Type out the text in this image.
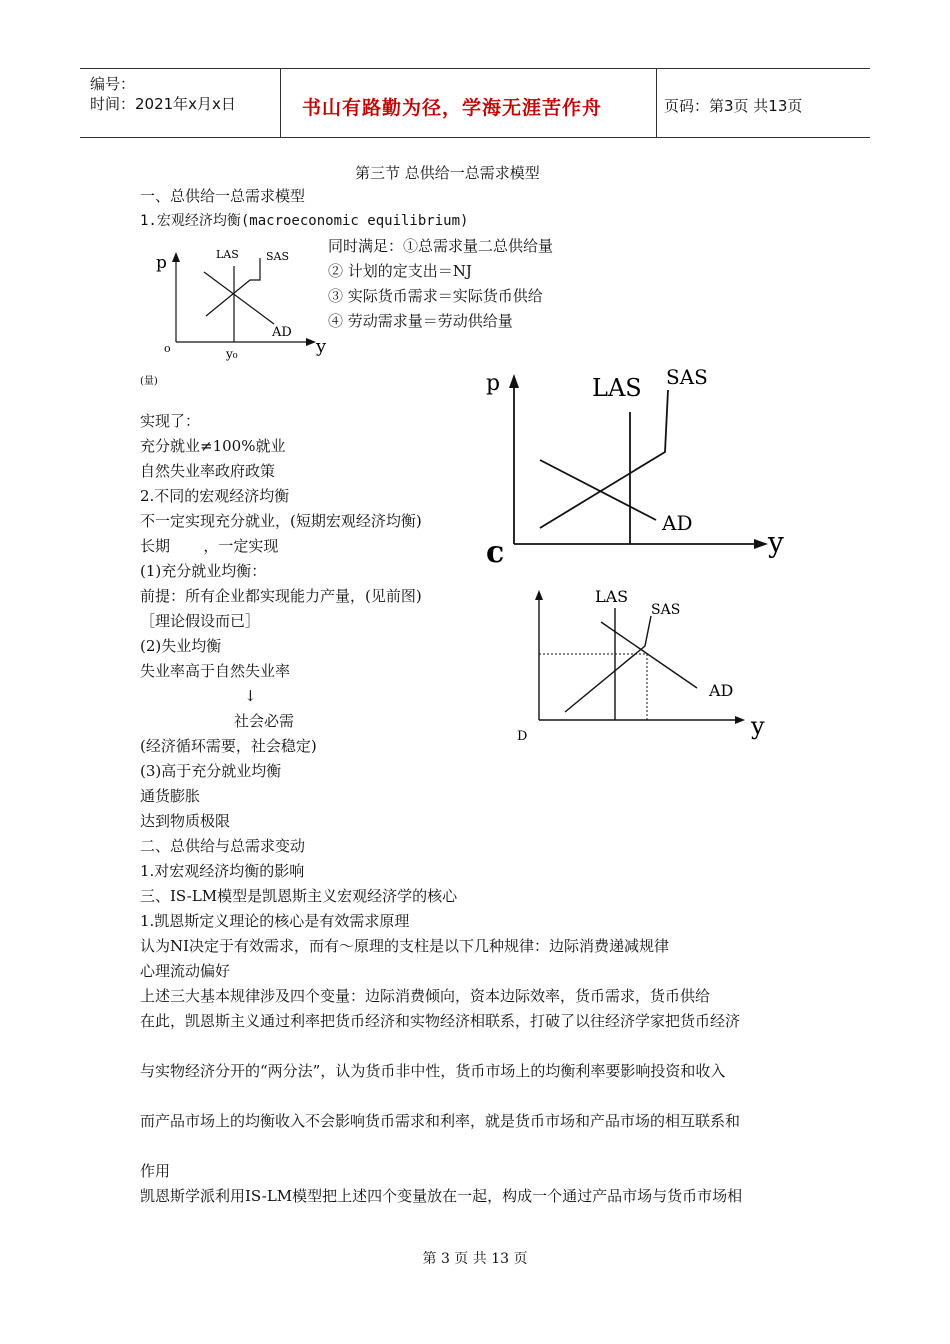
编号：
时间：2021年x月x日	书山有路勤为径，学海无涯苦作舟	页码：第3页 共13页
第三节 总供给一总需求模型
一、总供给一总需求模型
1.宏观经济均衡(macroeconomic equilibrium)
同时满足：①总需求量二总供给量
② 计划的定支出＝NJ
③ 实际货币需求＝实际货币供给
④ 劳动需求量＝劳动供给量
p
y
o
LAS SAS
AD
y₀
(量)
实现了：
充分就业≠100%就业
自然失业率政府政策
2.不同的宏观经济均衡
不一定实现充分就业，(短期宏观经济均衡)
长期       ，一定实现
(1)充分就业均衡：
前提：所有企业都实现能力产量，(见前图)
［理论假设而已］
(2)失业均衡
失业率高于自然失业率
↓
社会必需
(经济循环需要，社会稳定)
(3)高于充分就业均衡
通货膨胀
达到物质极限
二、总供给与总需求变动
1.对宏观经济均衡的影响
三、IS-LM模型是凯恩斯主义宏观经济学的核心
1.凯恩斯定义理论的核心是有效需求原理
认为NI决定于有效需求，而有～原理的支柱是以下几种规律：边际消费递减规律
心理流动偏好
上述三大基本规律涉及四个变量：边际消费倾向，资本边际效率，货币需求，货币供给
在此，凯恩斯主义通过利率把货币经济和实物经济相联系，打破了以往经济学家把货币经济
与实物经济分开的“两分法”，认为货币非中性，货币市场上的均衡利率要影响投资和收入
而产品市场上的均衡收入不会影响货币需求和利率，就是货币市场和产品市场的相互联系和
作用
凯恩斯学派利用IS-LM模型把上述四个变量放在一起，构成一个通过产品市场与货币市场相
p
y
c
LAS SAS
AD
y
D
LAS
SAS
AD
第 3 页 共 13 页
